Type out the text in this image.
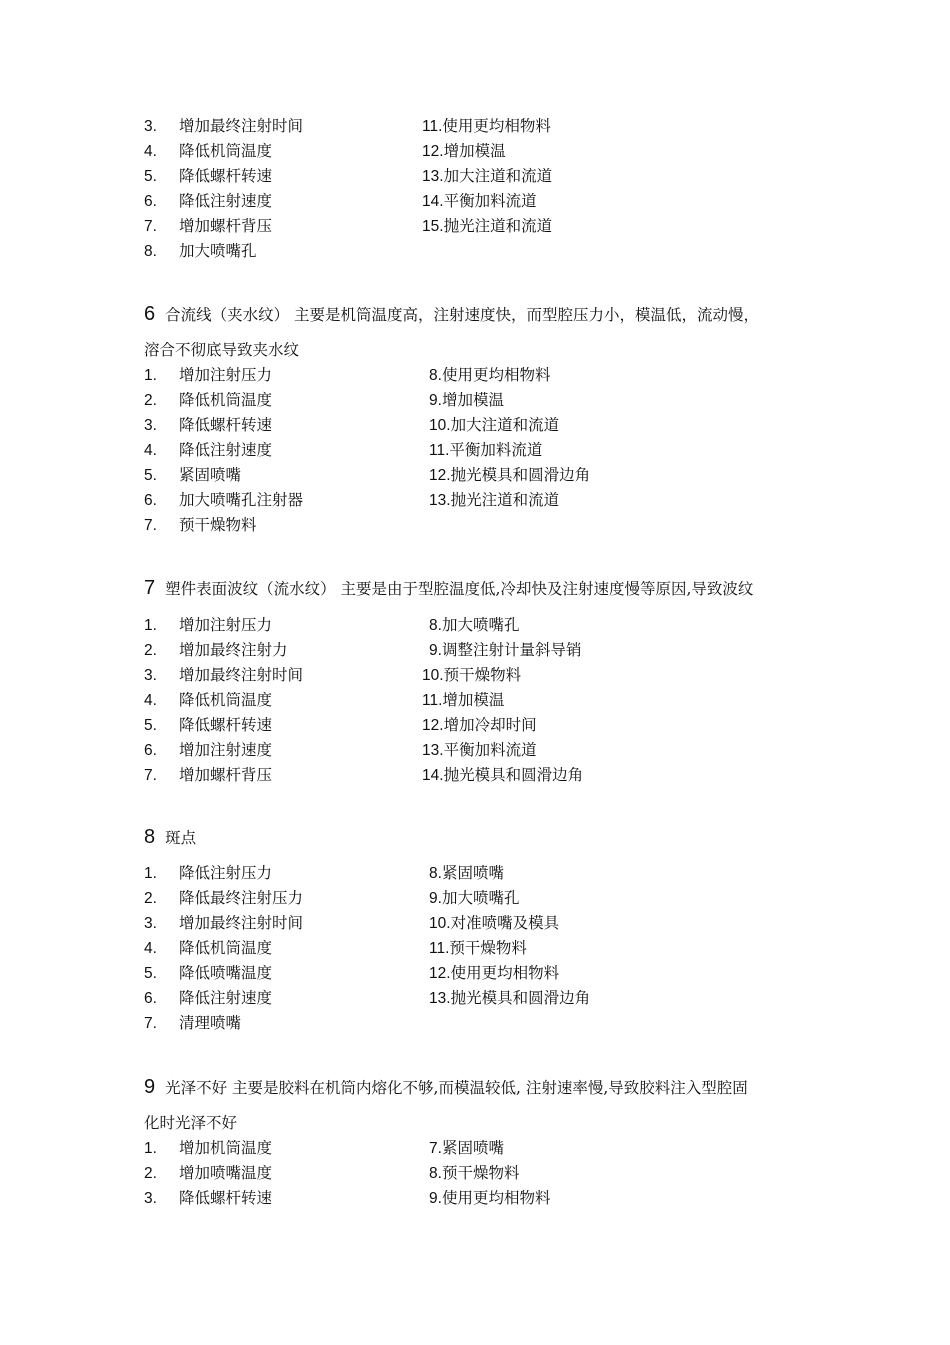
3. 增加最终注射时间
4. 降低机筒温度
5. 降低螺杆转速
6. 降低注射速度
7. 增加螺杆背压
8. 加大喷嘴孔
11.使用更均相物料
12.增加模温
13.加大注道和流道
14.平衡加料流道
15.抛光注道和流道
6 合流线（夹水纹） 主要是机筒温度高，注射速度快，而型腔压力小，模温低，流动慢，
溶合不彻底导致夹水纹
1. 增加注射压力
2. 降低机筒温度
3. 降低螺杆转速
4. 降低注射速度
5. 紧固喷嘴
6. 加大喷嘴孔注射器
7. 预干燥物料
8.使用更均相物料
9.增加模温
10.加大注道和流道
11.平衡加料流道
12.抛光模具和圆滑边角
13.抛光注道和流道
7 塑件表面波纹（流水纹） 主要是由于型腔温度低,冷却快及注射速度慢等原因,导致波纹
1. 增加注射压力
2. 增加最终注射力
3. 增加最终注射时间
4. 降低机筒温度
5. 降低螺杆转速
6. 增加注射速度
7. 增加螺杆背压
8.加大喷嘴孔
9.调整注射计量斜导销
10.预干燥物料
11.增加模温
12.增加冷却时间
13.平衡加料流道
14.抛光模具和圆滑边角
8 斑点
1. 降低注射压力
2. 降低最终注射压力
3. 增加最终注射时间
4. 降低机筒温度
5. 降低喷嘴温度
6. 降低注射速度
7. 清理喷嘴
8.紧固喷嘴
9.加大喷嘴孔
10.对准喷嘴及模具
11.预干燥物料
12.使用更均相物料
13.抛光模具和圆滑边角
9 光泽不好 主要是胶料在机筒内熔化不够,而模温较低, 注射速率慢,导致胶料注入型腔固
化时光泽不好
1. 增加机筒温度
2. 增加喷嘴温度
3. 降低螺杆转速
7.紧固喷嘴
8.预干燥物料
9.使用更均相物料
